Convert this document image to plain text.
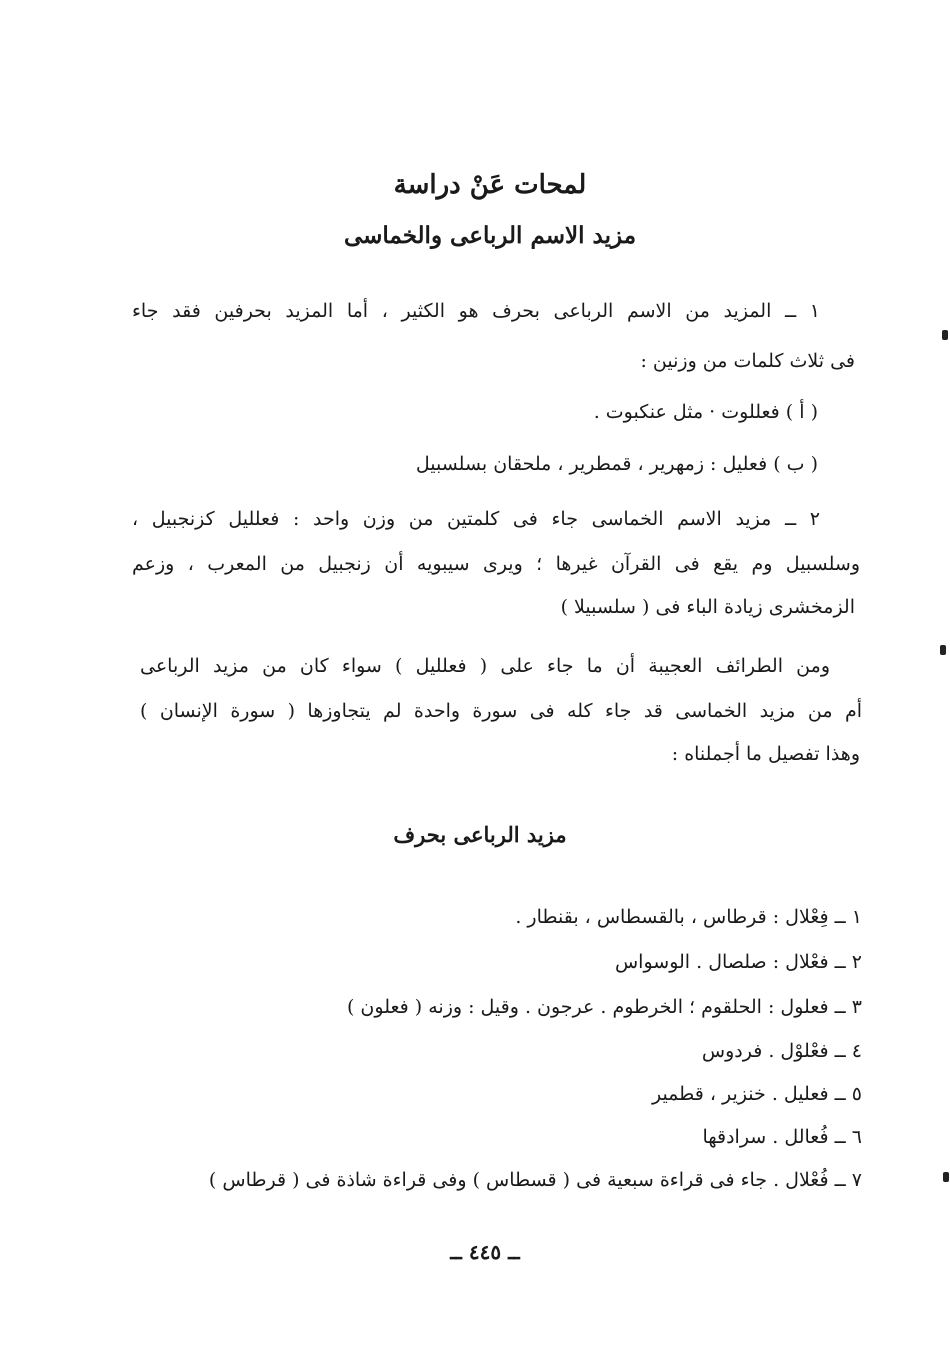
لمحات عَنْ دراسة
مزيد الاسم الرباعى والخماسى
١ ــ المزيد من الاسم الرباعى بحرف هو الكثير ، أما المزيد بحرفين فقد جاء
فى ثلاث كلمات من وزنين :
( أ ) فعللوت · مثل عنكبوت .
( ب ) فعليل : زمهرير ، قمطرير ، ملحقان بسلسبيل
٢ ــ مزيد الاسم الخماسى جاء فى كلمتين من وزن واحد : فعلليل كزنجبيل ،
وسلسبيل وم يقع فى القرآن غيرها ؛ ويرى سيبويه أن زنجبيل من المعرب ، وزعم
الزمخشرى زيادة الباء فى ( سلسبيلا )
ومن الطرائف العجيبة أن ما جاء على ( فعلليل ) سواء كان من مزيد الرباعى
أم من مزيد الخماسى قد جاء كله فى سورة واحدة لم يتجاوزها ( سورة الإنسان )
وهذا تفصيل ما أجملناه :
مزيد الرباعى بحرف
١ ــ فِعْلال : قرطاس ، بالقسطاس ، بقنطار .
٢ ــ فعْلال : صلصال . الوسواس
٣ ــ فعلول : الحلقوم ؛ الخرطوم . عرجون . وقيل : وزنه ( فعلون )
٤ ــ فعْلوْل . فردوس
٥ ــ فعليل . خنزير ، قطمير
٦ ــ فُعالل . سرادقها
٧ ــ فُعْلال . جاء فى قراءة سبعية فى ( قسطاس ) وفى قراءة شاذة فى ( قرطاس )
ــ ٤٤٥ ــ
